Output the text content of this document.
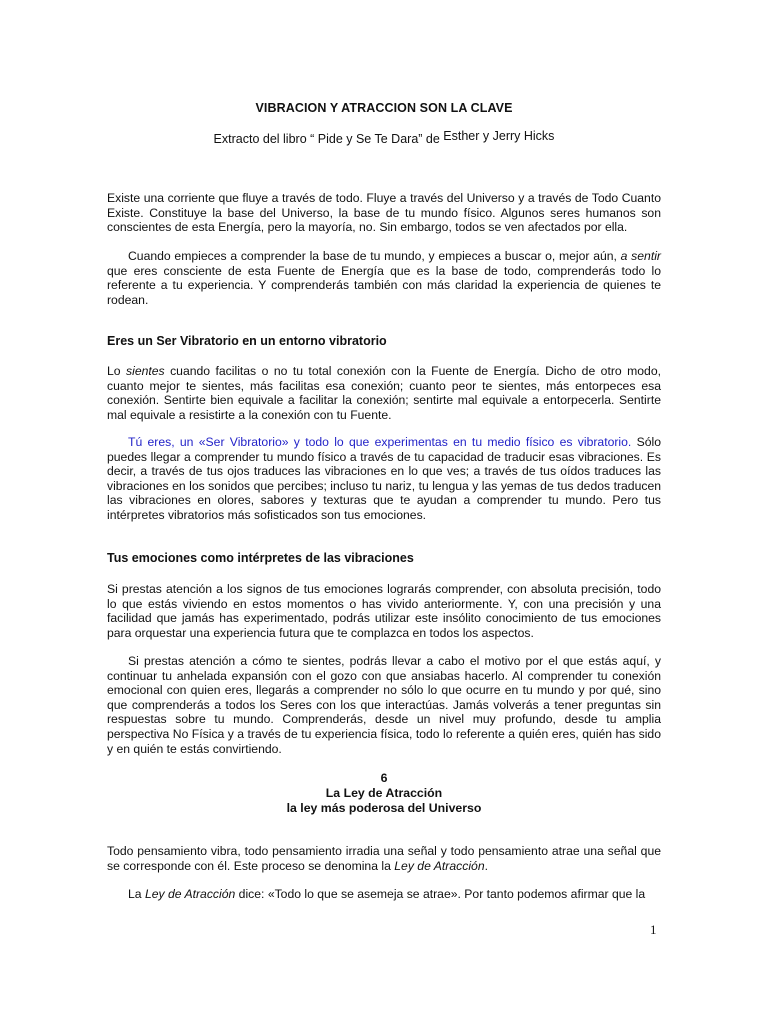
VIBRACION Y ATRACCION SON LA CLAVE
Extracto del libro “ Pide y Se Te Dara” de Esther y Jerry Hicks

Existe una corriente que fluye a través de todo. Fluye a través del Universo y a través de Todo Cuanto Existe. Constituye la base del Universo, la base de tu mundo físico. Algunos seres humanos son conscientes de esta Energía, pero la mayoría, no. Sin embargo, todos se ven afectados por ella.

Cuando empieces a comprender la base de tu mundo, y empieces a buscar o, mejor aún, a sentir que eres consciente de esta Fuente de Energía que es la base de todo, comprenderás todo lo referente a tu experiencia. Y comprenderás también con más claridad la experiencia de quienes te rodean.

Eres un Ser Vibratorio en un entorno vibratorio

Lo sientes cuando facilitas o no tu total conexión con la Fuente de Energía. Dicho de otro modo, cuanto mejor te sientes, más facilitas esa conexión; cuanto peor te sientes, más entorpeces esa conexión. Sentirte bien equivale a facilitar la conexión; sentirte mal equivale a entorpecerla. Sentirte mal equivale a resistirte a la conexión con tu Fuente.

Tú eres, un «Ser Vibratorio» y todo lo que experimentas en tu medio físico es vibratorio. Sólo puedes llegar a comprender tu mundo físico a través de tu capacidad de traducir esas vibraciones. Es decir, a través de tus ojos traduces las vibraciones en lo que ves; a través de tus oídos traduces las vibraciones en los sonidos que percibes; incluso tu nariz, tu lengua y las yemas de tus dedos traducen las vibraciones en olores, sabores y texturas que te ayudan a comprender tu mundo. Pero tus intérpretes vibratorios más sofisticados son tus emociones.

Tus emociones como intérpretes de las vibraciones

Si prestas atención a los signos de tus emociones lograrás comprender, con absoluta precisión, todo lo que estás viviendo en estos momentos o has vivido anteriormente. Y, con una precisión y una facilidad que jamás has experimentado, podrás utilizar este insólito conocimiento de tus emociones para orquestar una experiencia futura que te complazca en todos los aspectos.

Si prestas atención a cómo te sientes, podrás llevar a cabo el motivo por el que estás aquí, y continuar tu anhelada expansión con el gozo con que ansiabas hacerlo. Al comprender tu conexión emocional con quien eres, llegarás a comprender no sólo lo que ocurre en tu mundo y por qué, sino que comprenderás a todos los Seres con los que interactúas. Jamás volverás a tener preguntas sin respuestas sobre tu mundo. Comprenderás, desde un nivel muy profundo, desde tu amplia perspectiva No Física y a través de tu experiencia física, todo lo referente a quién eres, quién has sido y en quién te estás convirtiendo.

6
La Ley de Atracción
la ley más poderosa del Universo

Todo pensamiento vibra, todo pensamiento irradia una señal y todo pensamiento atrae una señal que se corresponde con él. Este proceso se denomina la Ley de Atracción.

La Ley de Atracción dice: «Todo lo que se asemeja se atrae». Por tanto podemos afirmar que la

1
